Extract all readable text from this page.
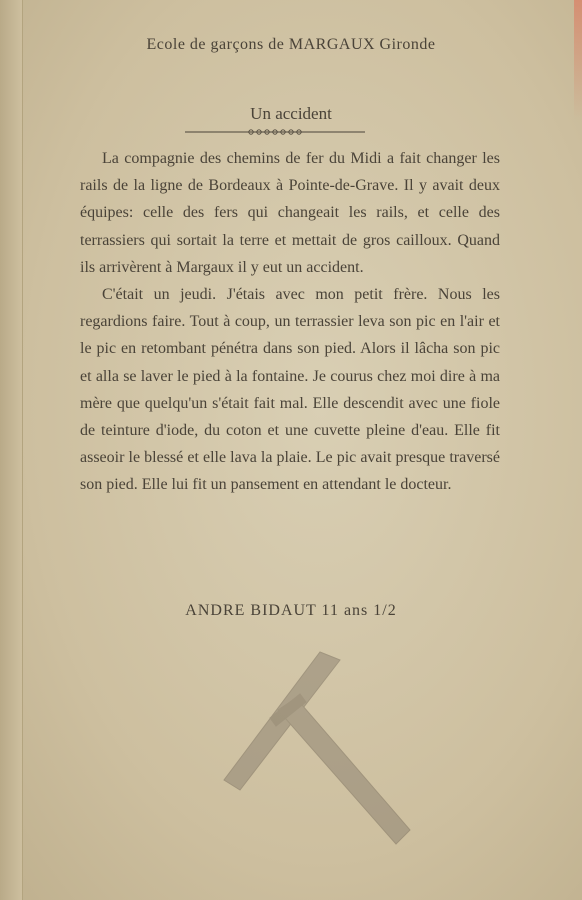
Ecole de garçons de MARGAUX Gironde
Un accident

La compagnie des chemins de fer du Midi a fait changer les rails de la ligne de Bordeaux à Pointe-de-Grave. Il y avait deux équipes: celle des fers qui changeait les rails, et celle des terrassiers qui sortait la terre et mettait de gros cailloux. Quand ils arrivèrent à Margaux il y eut un accident.

C'était un jeudi. J'étais avec mon petit frère. Nous les regardions faire. Tout à coup, un terrassier leva son pic en l'air et le pic en retombant pénétra dans son pied. Alors il lâcha son pic et alla se laver le pied à la fontaine. Je courus chez moi dire à ma mère que quelqu'un s'était fait mal. Elle descendit avec une fiole de teinture d'iode, du coton et une cuvette pleine d'eau. Elle fit asseoir le blessé et elle lava la plaie. Le pic avait presque traversé son pied. Elle lui fit un pansement en attendant le docteur.

ANDRE BIDAUT 11 ans 1/2
